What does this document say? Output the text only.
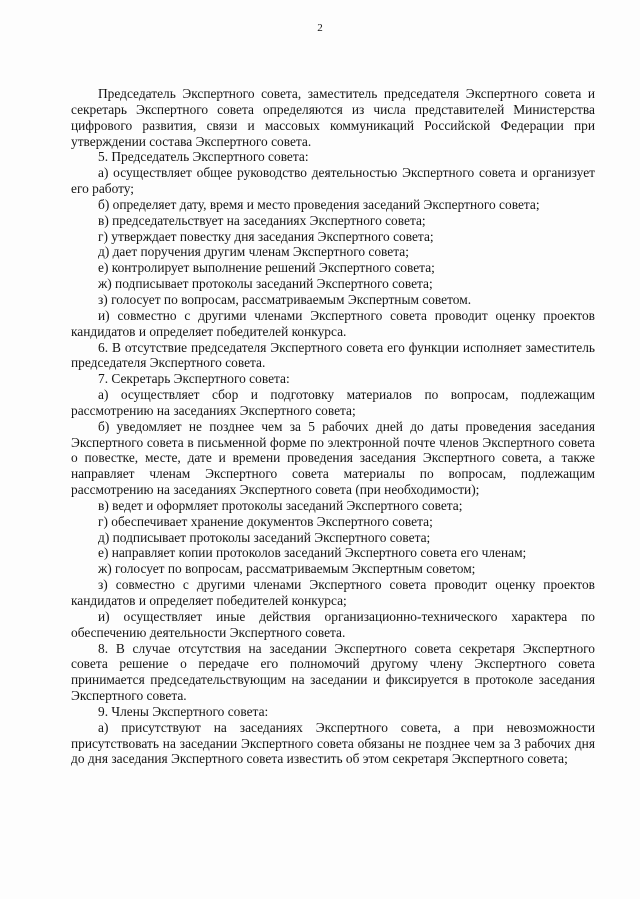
2

Председатель Экспертного совета, заместитель председателя Экспертного совета и секретарь Экспертного совета определяются из числа представителей Министерства цифрового развития, связи и массовых коммуникаций Российской Федерации при утверждении состава Экспертного совета.

5. Председатель Экспертного совета:

а) осуществляет общее руководство деятельностью Экспертного совета и организует его работу;

б) определяет дату, время и место проведения заседаний Экспертного совета;

в) председательствует на заседаниях Экспертного совета;

г) утверждает повестку дня заседания Экспертного совета;

д) дает поручения другим членам Экспертного совета;

е) контролирует выполнение решений Экспертного совета;

ж) подписывает протоколы заседаний Экспертного совета;

з) голосует по вопросам, рассматриваемым Экспертным советом.

и) совместно с другими членами Экспертного совета проводит оценку проектов кандидатов и определяет победителей конкурса.

6. В отсутствие председателя Экспертного совета его функции исполняет заместитель председателя Экспертного совета.

7. Секретарь Экспертного совета:

а) осуществляет сбор и подготовку материалов по вопросам, подлежащим рассмотрению на заседаниях Экспертного совета;

б) уведомляет не позднее чем за 5 рабочих дней до даты проведения заседания Экспертного совета в письменной форме по электронной почте членов Экспертного совета о повестке, месте, дате и времени проведения заседания Экспертного совета, а также направляет членам Экспертного совета материалы по вопросам, подлежащим рассмотрению на заседаниях Экспертного совета (при необходимости);

в) ведет и оформляет протоколы заседаний Экспертного совета;

г) обеспечивает хранение документов Экспертного совета;

д) подписывает протоколы заседаний Экспертного совета;

е) направляет копии протоколов заседаний Экспертного совета его членам;

ж) голосует по вопросам, рассматриваемым Экспертным советом;

з) совместно с другими членами Экспертного совета проводит оценку проектов кандидатов и определяет победителей конкурса;

и) осуществляет иные действия организационно-технического характера по обеспечению деятельности Экспертного совета.

8. В случае отсутствия на заседании Экспертного совета секретаря Экспертного совета решение о передаче его полномочий другому члену Экспертного совета принимается председательствующим на заседании и фиксируется в протоколе заседания Экспертного совета.

9. Члены Экспертного совета:

а) присутствуют на заседаниях Экспертного совета, а при невозможности присутствовать на заседании Экспертного совета обязаны не позднее чем за 3 рабочих дня до дня заседания Экспертного совета известить об этом секретаря Экспертного совета;
